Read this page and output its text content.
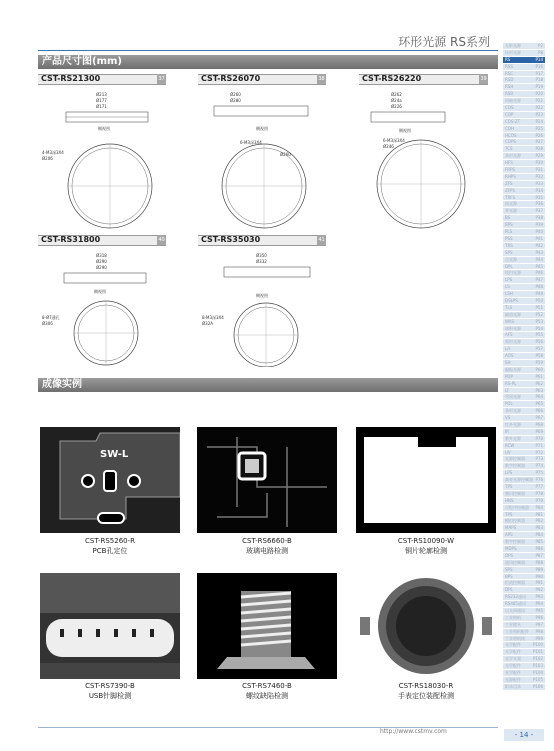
环形光源 RS系列
产品尺寸图(mm)
CST-RS21300	37	CST-RS26070	38	CST-RS26220	39
Ø213
Ø177
Ø171
侧视图
4-M3深3X4
Ø206
Ø260
Ø280
侧视图
6-M3深3X4
Ø260
Ø262
Ø24a
Ø226
侧视图
6-M3深3X4
Ø246
CST-RS31800	40	CST-RS35030	41
Ø318
Ø290
Ø290
侧视图
8-Ø7通孔
Ø306
Ø350
Ø332
侧视图
8-M3深3X4
Ø32A
成像实例
SW-L
CST-RS5260-R
PCB孔定位
CST-RS6660-B
玻璃电路检测
CST-RS10090-W
铜片轮廓检测
CST-RS7390-B
USB针脚检测
CST-RS7460-B
螺纹缺陷检测
CST-RS18030-R
手表定位装配检测
无影光源	P2
环形光源	P8
RS	P14
RSS	P16
RSC	P17
RSD	P18
RSH	P19
RSR	P20
同轴光源	P21
COS	P22
COP	P23
COS-ZT	P24
COH	P25
HCOS	P26
COPS	P27
TCS	P28
条形光源	P29
HFS	P30
FRPS	P31
RHPS	P32
ZFS	P33
ZFPS	P34
TRFS	P35
面光源	P36
背光源	P37
BS	P38
BPS	P39
PLS	P40
PSS	P41
TRS	P42
SPS	P43
点光源	P44
DPL	P45
线扫光源	P46
LPS	P47
LS	P48
LSH	P49
DSLPS	P50
TLS	P51
隧道光源	P52
WAS	P53
球积光源	P54
AFS	P55
弧形光源	P56
LA	P57
AOS	P58
SH	P59
偏振光源	P60
PDP	P61
RS-PL	P62
LT	P63
穹顶光源	P64
PDL	P65
条形光源	P66
VS	P67
红外光源	P68
IR	P69
紫外光源	P70
RCW	P71
UV	P72
光源控制器	P73
数字控制器	P74
LPS	P75
高亮光源控制器 P76
TPS	P77
频闪控制器	P78
HNS	P79
可程序控制器 P80
TPS	P81
模拟控制器	P82
MAPS	P83
APS	P84
数字控制器	P85
MDPS	P86
DPS	P87
通讯控制器	P88
SPS	P89
BPS	P90
恒流控制器	P91
DPL	P92
RS232通讯 P93
RS485通讯 P94
以太网通讯	P95
工业相机	P96
工业镜头	P97
工业相机配件 P98
工业相机线	P99
光学配件	P100
光学配件	P101
光学支架	P102
光学配件	P103
光学配件	P104
光源配件	P105
附录目录	P106
http://www.cstmv.com	- 14 -
